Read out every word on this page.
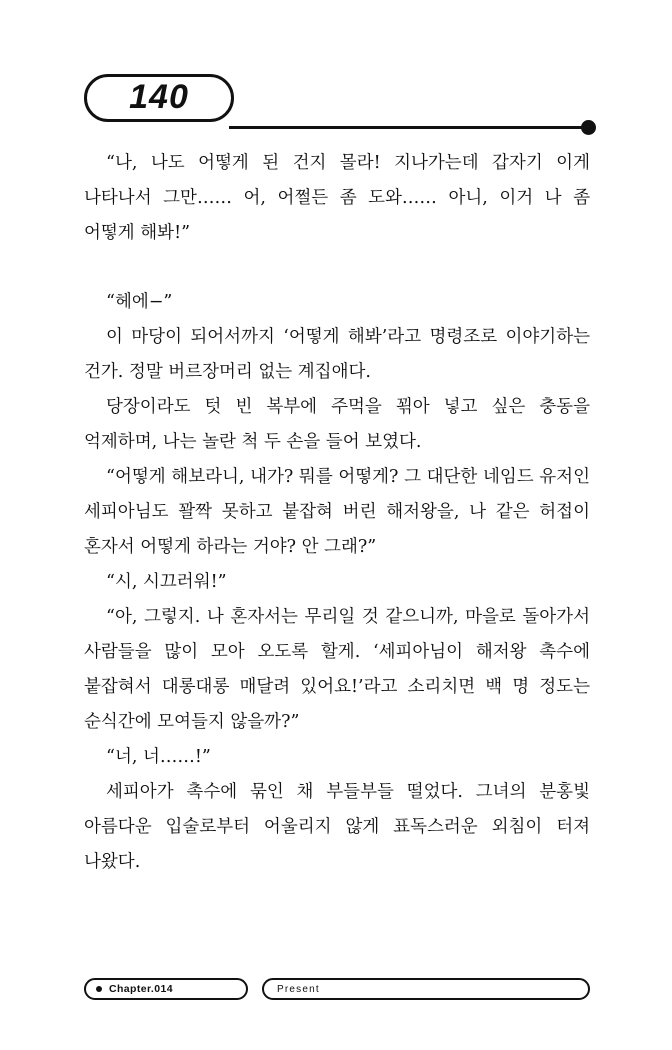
140

“나, 나도 어떻게 된 건지 몰라! 지나가는데 갑자기 이게 나타나서 그만…… 어, 어쩔든 좀 도와…… 아니, 이거 나 좀 어떻게 해봐!”

“헤에−”

이 마당이 되어서까지 ‘어떻게 해봐’라고 명령조로 이야기하는 건가. 정말 버르장머리 없는 계집애다.

당장이라도 텃 빈 복부에 주먹을 꾂아 넣고 싶은 충동을 억제하며, 나는 놀란 척 두 손을 들어 보였다.

“어떻게 해보라니, 내가? 뭐를 어떻게? 그 대단한 네임드 유저인 세피아님도 꽐짝 못하고 붙잡혀 버린 해저왕을, 나 같은 허접이 혼자서 어떻게 하라는 거야? 안 그래?”

“시, 시끄러워!”

“아, 그렇지. 나 혼자서는 무리일 것 같으니까, 마을로 돌아가서 사람들을 많이 모아 오도록 할게. ‘세피아님이 해저왕 촉수에 붙잡혀서 대롱대롱 매달려 있어요!’라고 소리치면 백 명 정도는 순식간에 모여들지 않을까?”

“너, 너……!”

세피아가 촉수에 묶인 채 부들부들 떨었다. 그녀의 분홍빛 아름다운 입술로부터 어울리지 않게 표독스러운 외침이 터져 나왔다.

Chapter.014	Present
